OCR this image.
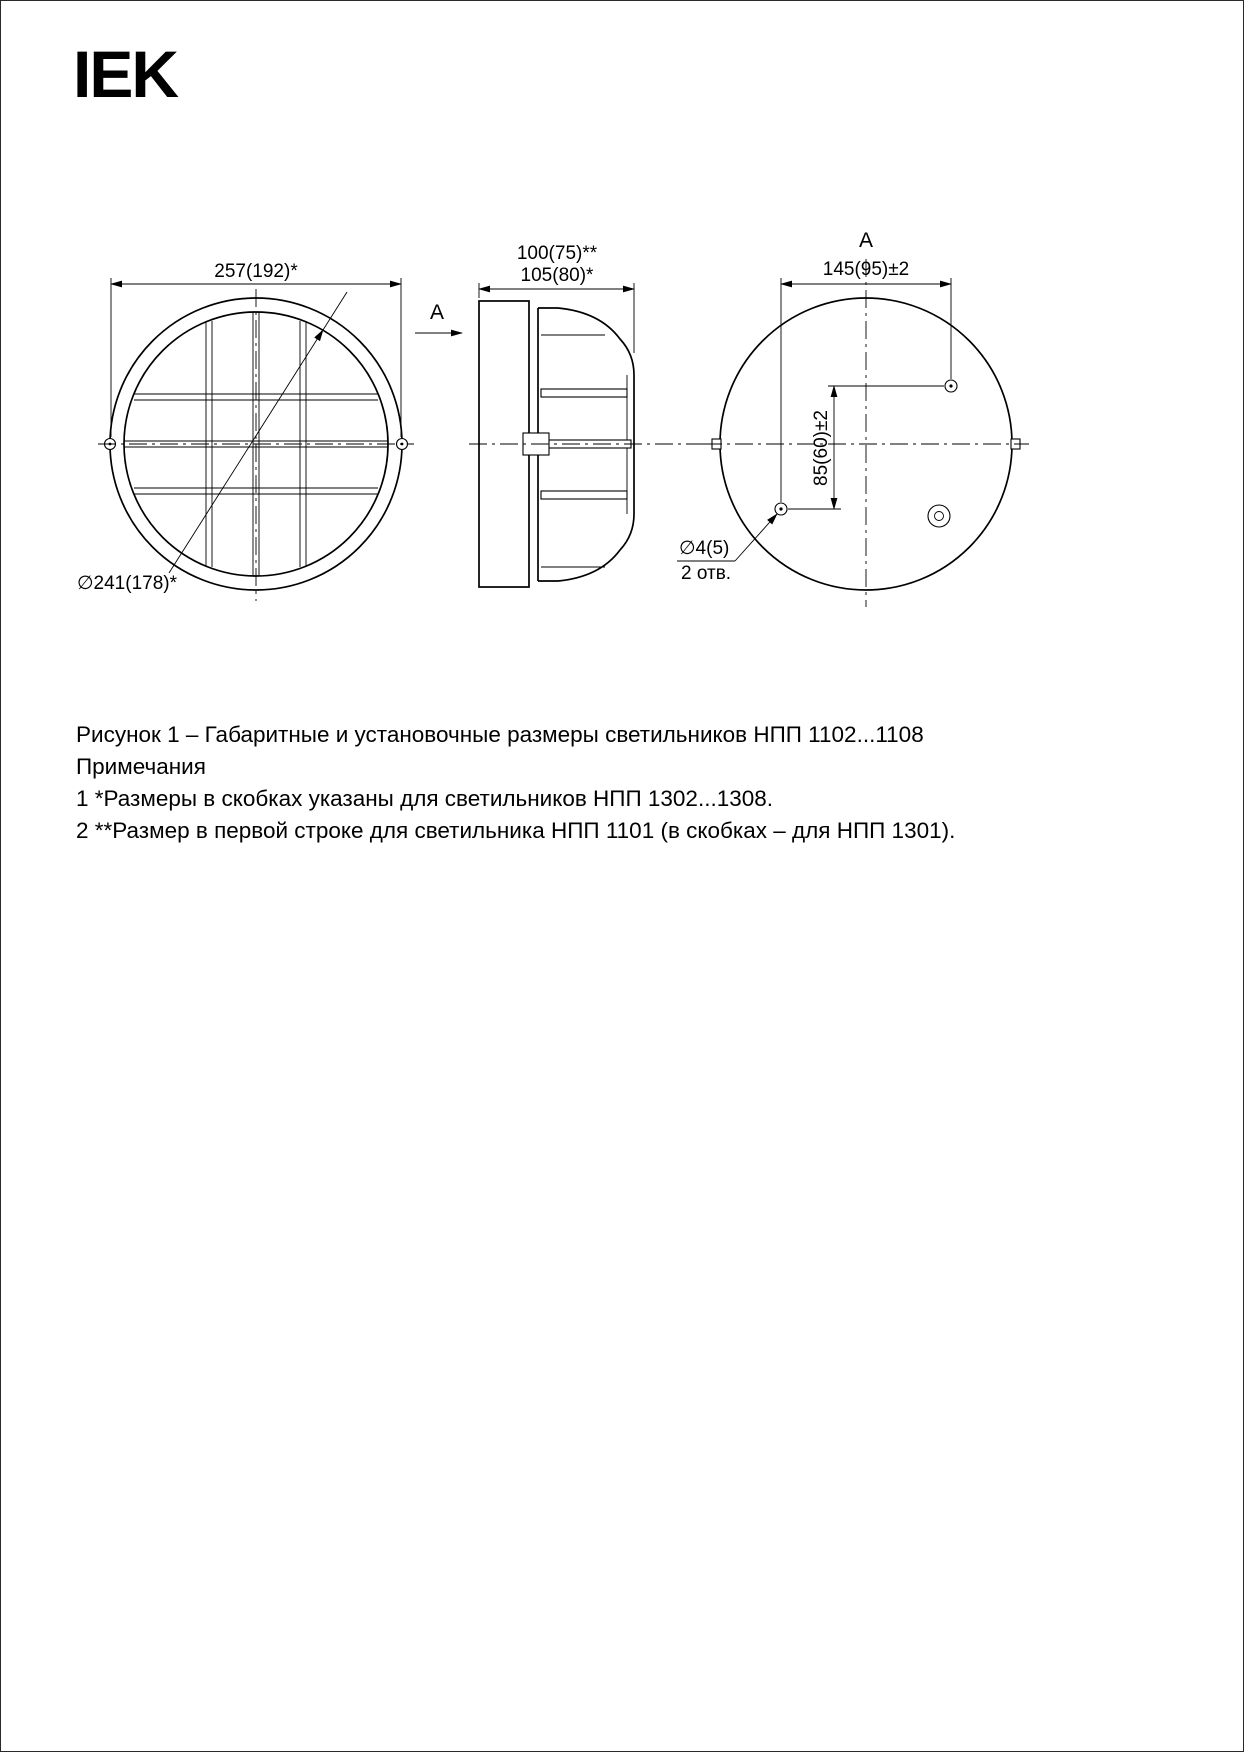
IEK
257(192)*
∅241(178)*
100(75)**
105(80)*
А
А
145(95)±2
85(60)±2
∅4(5)
2 отв.

Рисунок 1 – Габаритные и установочные размеры светильников НПП 1102...1108

Примечания

1 *Размеры в скобках указаны для светильников НПП 1302...1308.

2 **Размер в первой строке для светильника НПП 1101 (в скобках – для НПП 1301).
